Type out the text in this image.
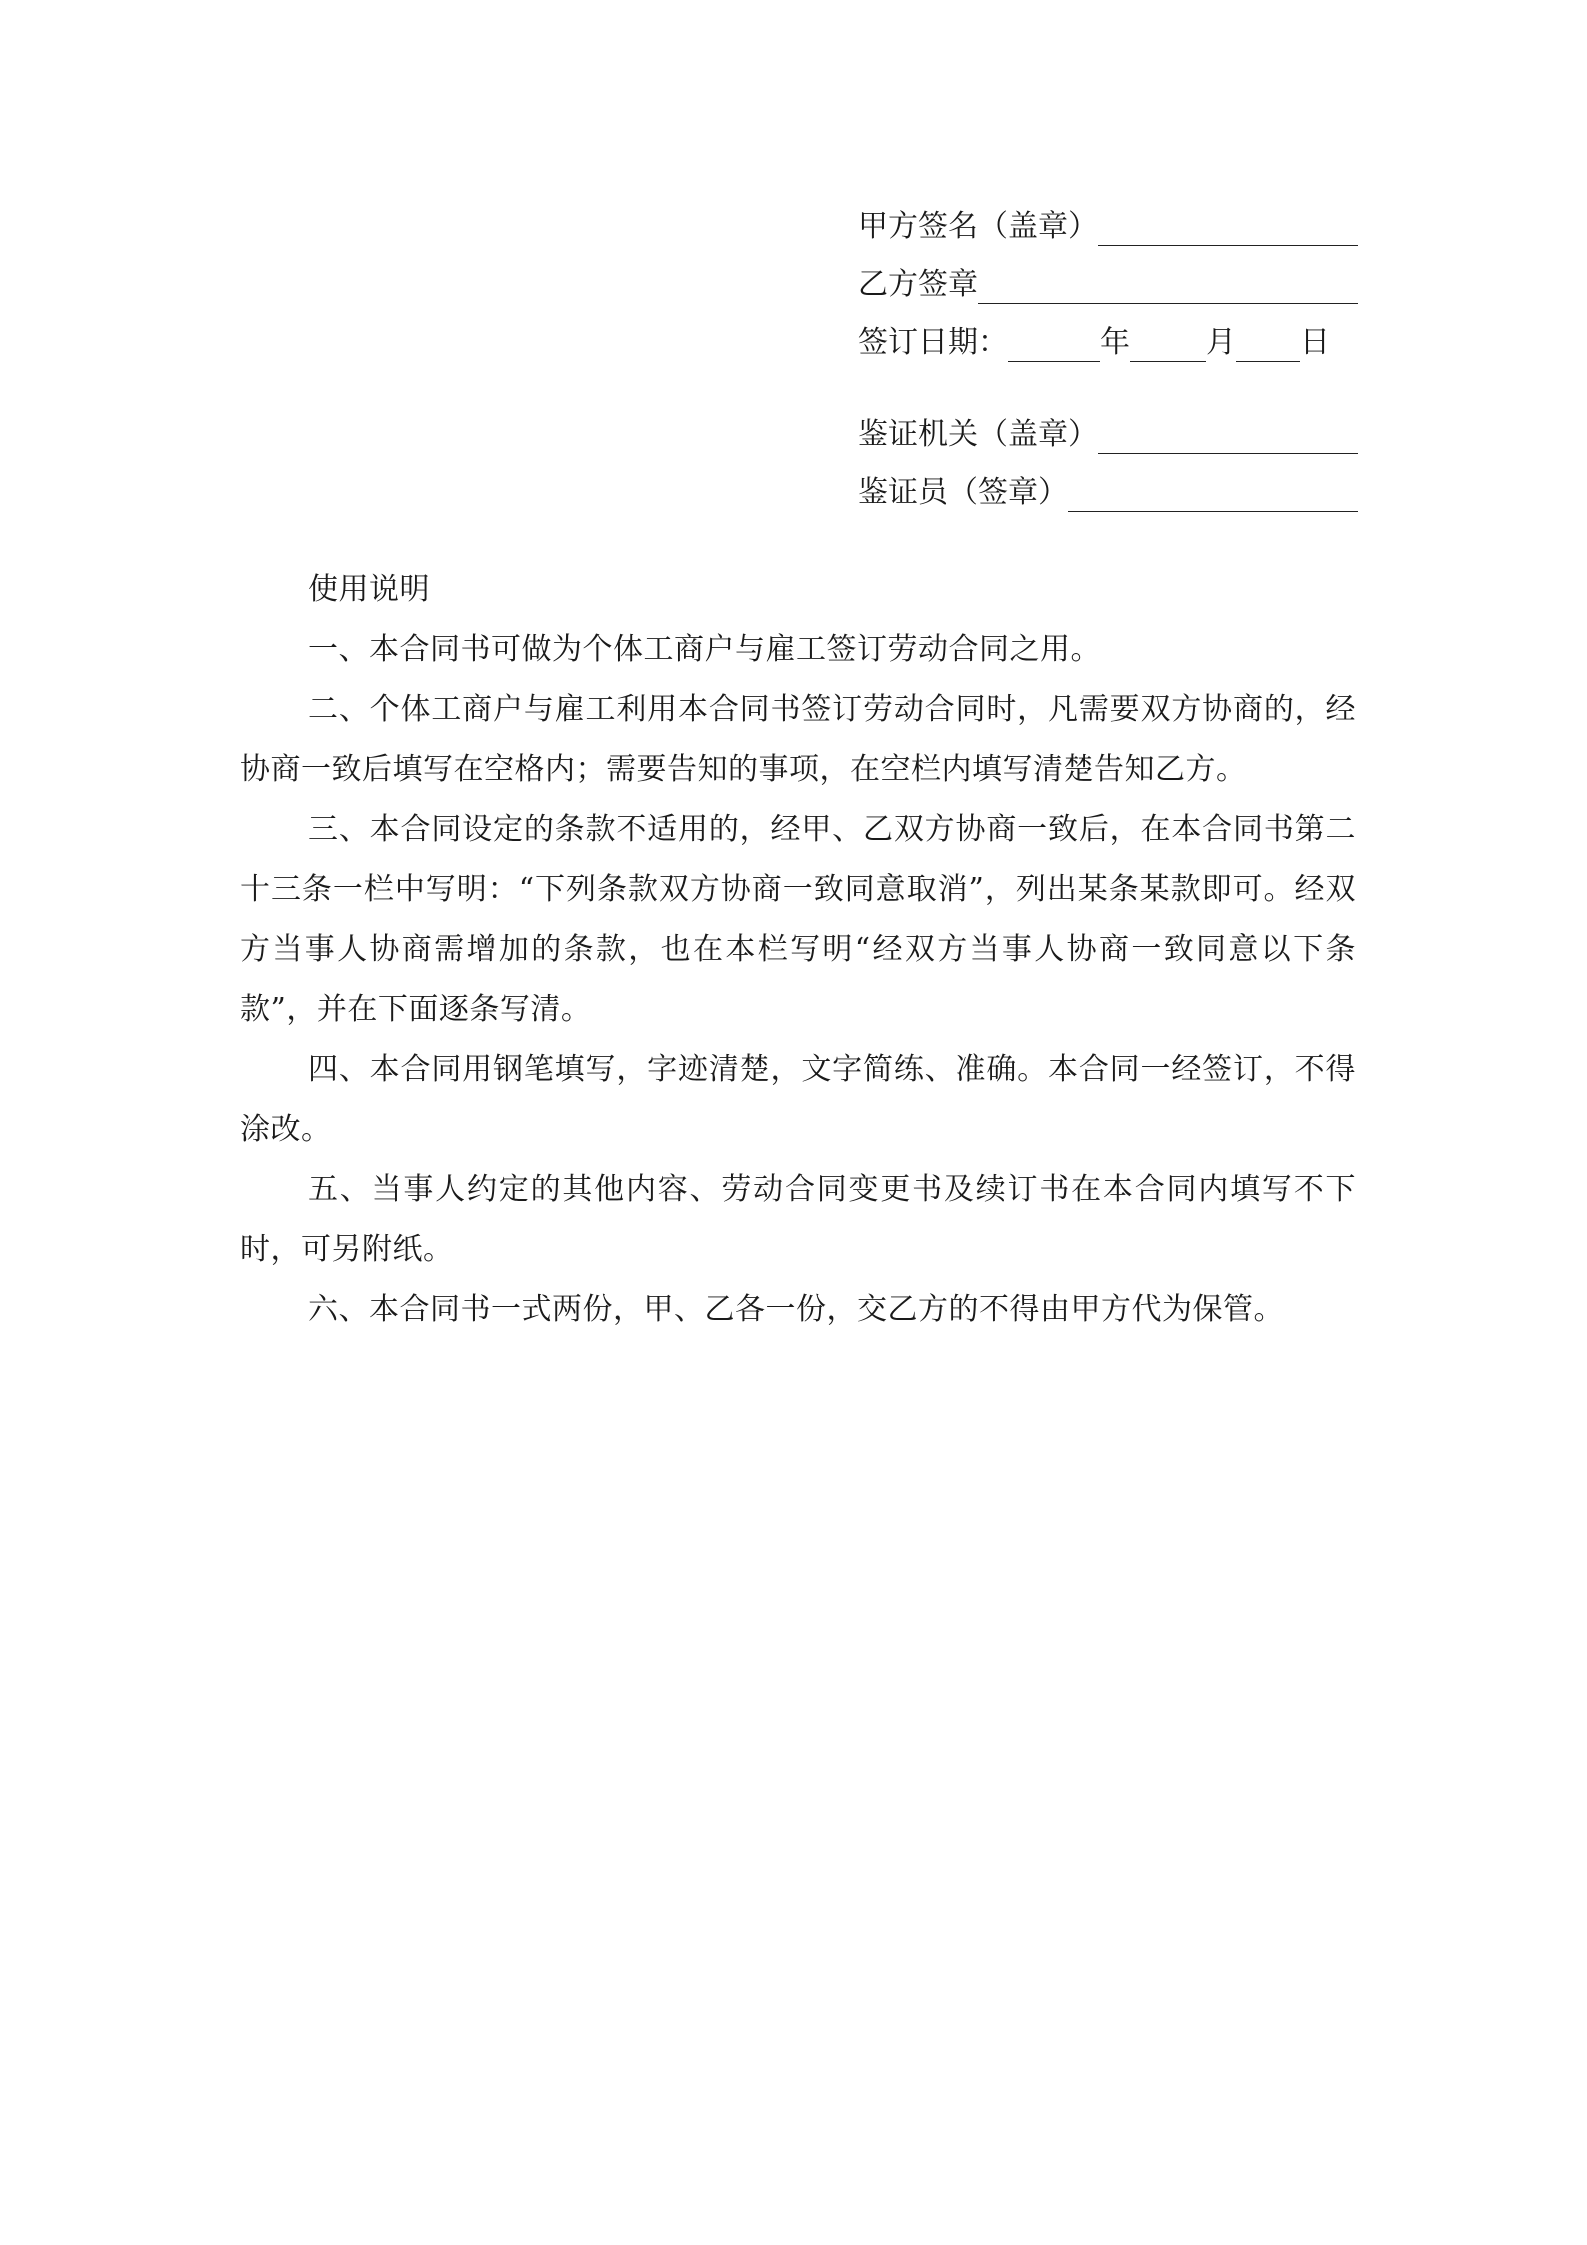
甲方签名（盖章）
乙方签章
签订日期：	年	月 日
鉴证机关（盖章）
鉴证员（签章）
使用说明

一、本合同书可做为个体工商户与雇工签订劳动合同之用。

二、个体工商户与雇工利用本合同书签订劳动合同时，凡需要双方协商的，经协商一致后填写在空格内；需要告知的事项，在空栏内填写清楚告知乙方。

三、本合同设定的条款不适用的，经甲、乙双方协商一致后，在本合同书第二十三条一栏中写明：“下列条款双方协商一致同意取消”，列出某条某款即可。经双方当事人协商需增加的条款，也在本栏写明“经双方当事人协商一致同意以下条款”，并在下面逐条写清。

四、本合同用钢笔填写，字迹清楚，文字简练、准确。本合同一经签订，不得涂改。

五、当事人约定的其他内容、劳动合同变更书及续订书在本合同内填写不下时，可另附纸。

六、本合同书一式两份，甲、乙各一份，交乙方的不得由甲方代为保管。
